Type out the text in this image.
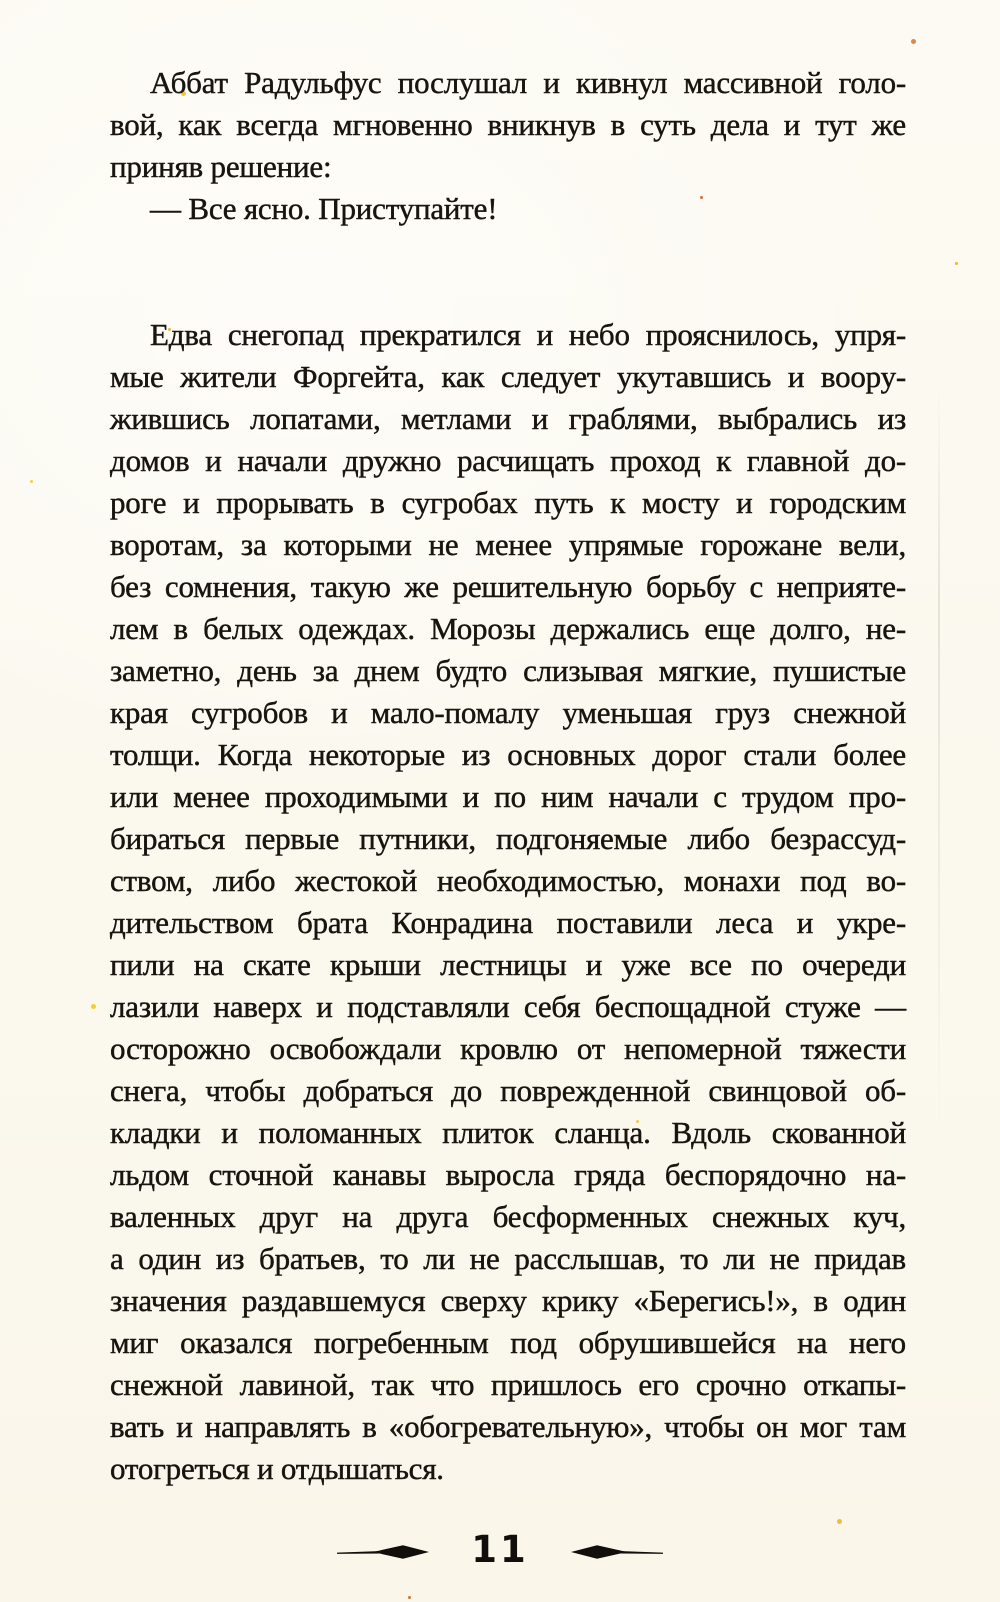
Аббат Радульфус послушал и кивнул массивной голо-
вой, как всегда мгновенно вникнув в суть дела и тут же
приняв решение:
— Все ясно. Приступайте!
Едва снегопад прекратился и небо прояснилось, упря-
мые жители Форгейта, как следует укутавшись и воору-
жившись лопатами, метлами и граблями, выбрались из
домов и начали дружно расчищать проход к главной до-
роге и прорывать в сугробах путь к мосту и городским
воротам, за которыми не менее упрямые горожане вели,
без сомнения, такую же решительную борьбу с неприяте-
лем в белых одеждах. Морозы держались еще долго, не-
заметно, день за днем будто слизывая мягкие, пушистые
края сугробов и мало-помалу уменьшая груз снежной
толщи. Когда некоторые из основных дорог стали более
или менее проходимыми и по ним начали с трудом про-
бираться первые путники, подгоняемые либо безрассуд-
ством, либо жестокой необходимостью, монахи под во-
дительством брата Конрадина поставили леса и укре-
пили на скате крыши лестницы и уже все по очереди
лазили наверх и подставляли себя беспощадной стуже —
осторожно освобождали кровлю от непомерной тяжести
снега, чтобы добраться до поврежденной свинцовой об-
кладки и поломанных плиток сланца. Вдоль скованной
льдом сточной канавы выросла гряда беспорядочно на-
валенных друг на друга бесформенных снежных куч,
а один из братьев, то ли не расслышав, то ли не придав
значения раздавшемуся сверху крику «Берегись!», в один
миг оказался погребенным под обрушившейся на него
снежной лавиной, так что пришлось его срочно откапы-
вать и направлять в «обогревательную», чтобы он мог там
отогреться и отдышаться.
11
